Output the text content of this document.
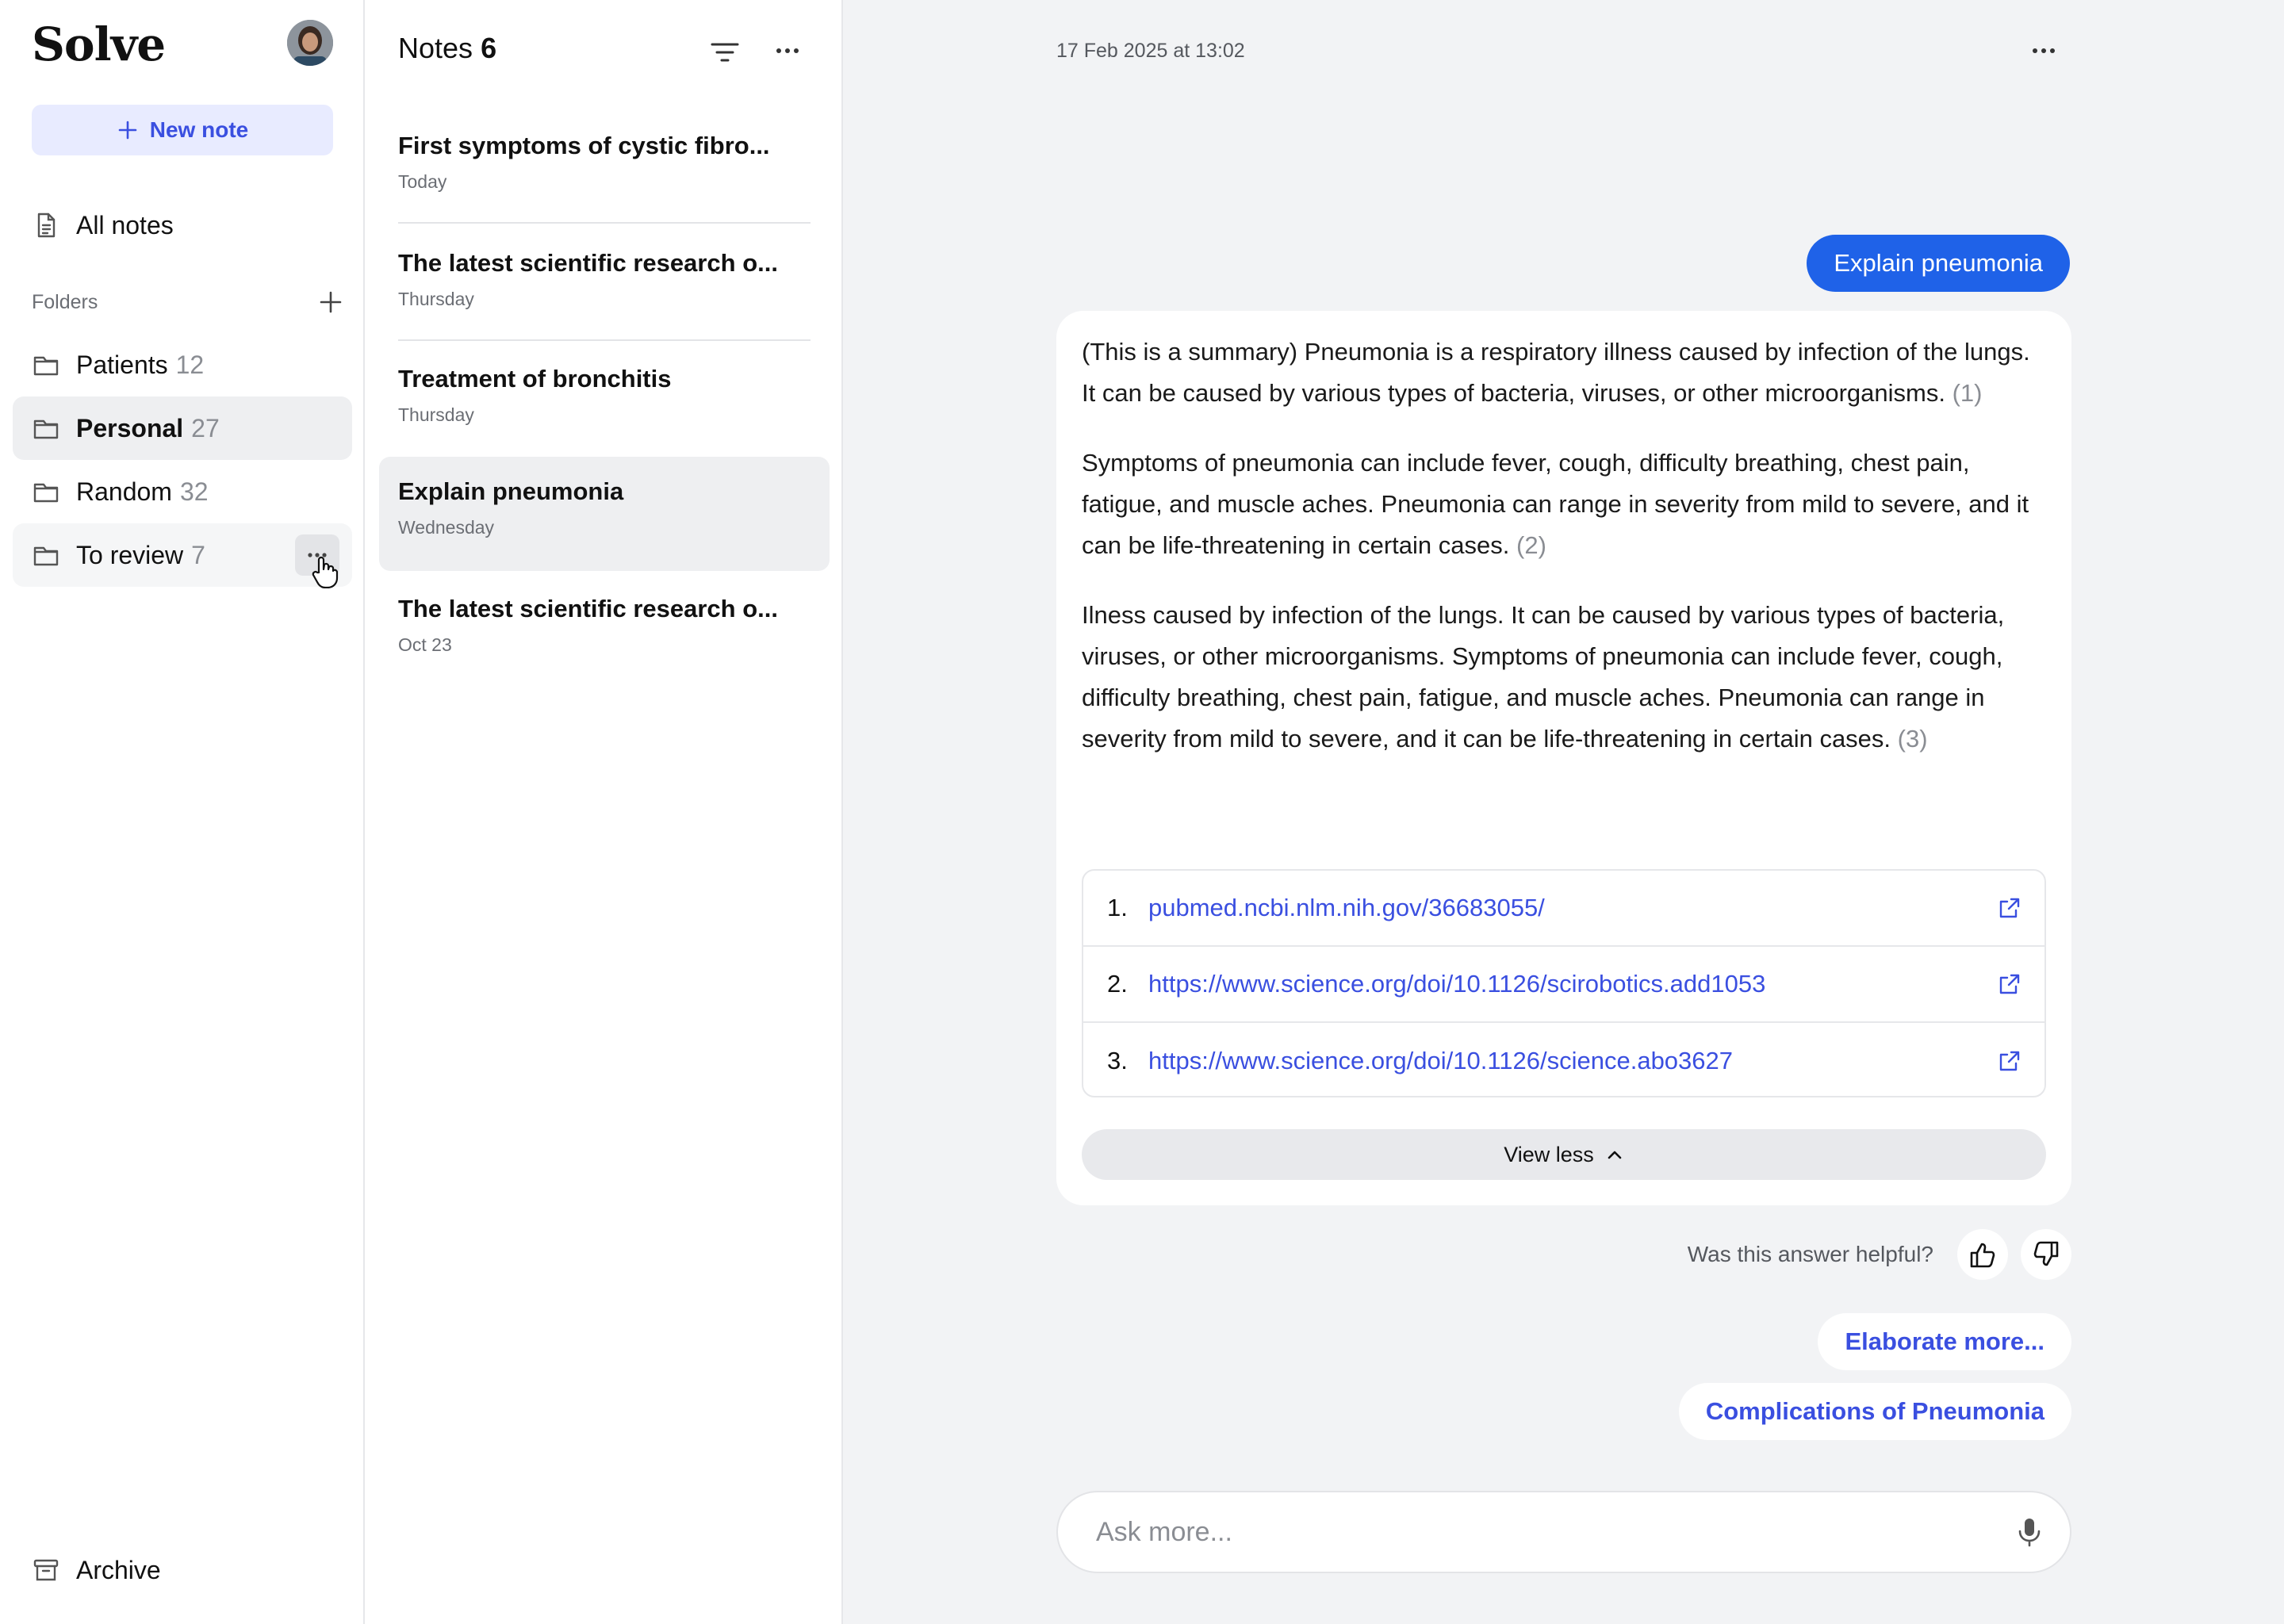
Solve
New note
All notes
Folders
Patients 12
Personal 27
Random 32
To review 7
Archive
Notes 6
First symptoms of cystic fibro...
Today
The latest scientific research o...
Thursday
Treatment of bronchitis
Thursday
Explain pneumonia
Wednesday
The latest scientific research o...
Oct 23
17 Feb 2025 at 13:02
Explain pneumonia

(This is a summary) Pneumonia is a respiratory illness caused by infection of the lungs. It can be caused by various types of bacteria, viruses, or other microorganisms. (1)

Symptoms of pneumonia can include fever, cough, difficulty breathing, chest pain, fatigue, and muscle aches. Pneumonia can range in severity from mild to severe, and it can be life-threatening in certain cases. (2)

Ilness caused by infection of the lungs. It can be caused by various types of bacteria, viruses, or other microorganisms. Symptoms of pneumonia can include fever, cough, difficulty breathing, chest pain, fatigue, and muscle aches. Pneumonia can range in severity from mild to severe, and it can be life-threatening in certain cases. (3)

1. pubmed.ncbi.nlm.nih.gov/36683055/
2. https://www.science.org/doi/10.1126/scirobotics.add1053
3. https://www.science.org/doi/10.1126/science.abo3627
View less
Was this answer helpful?
Elaborate more...
Complications of Pneumonia
Ask more...
